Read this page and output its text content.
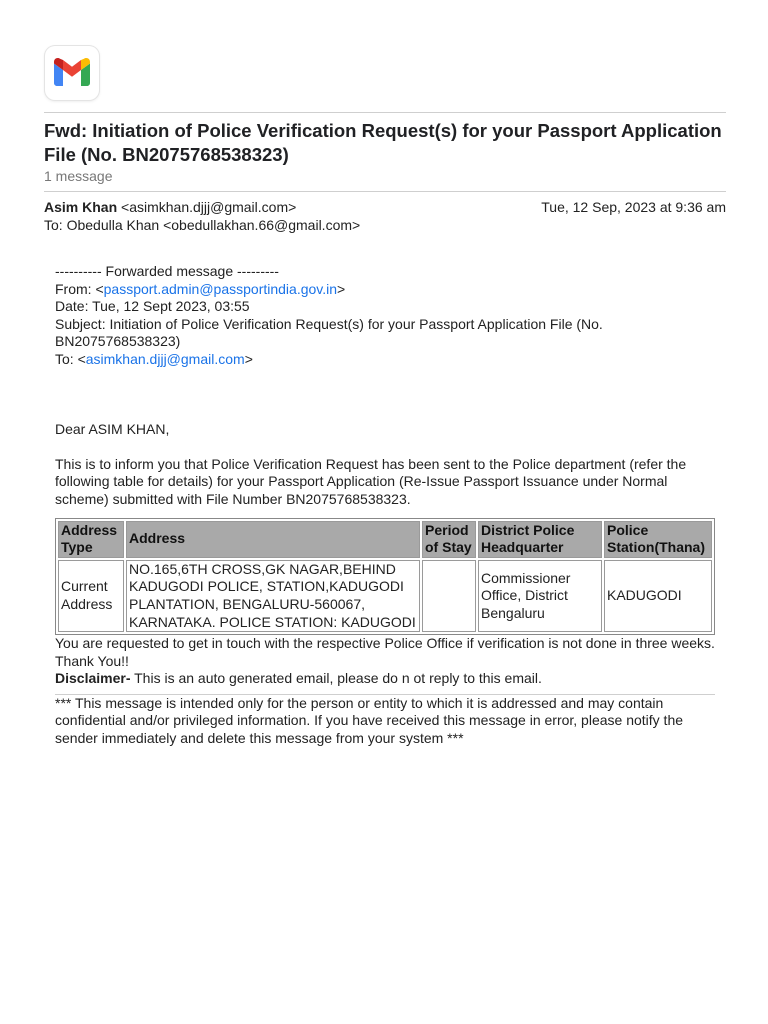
Fwd: Initiation of Police Verification Request(s) for your Passport Application File (No. BN2075768538323)
1 message
Asim Khan <asimkhan.djjj@gmail.com>	Tue, 12 Sep, 2023 at 9:36 am
To: Obedulla Khan <obedullakhan.66@gmail.com>

---------- Forwarded message ---------

From: <passport.admin@passportindia.gov.in>

Date: Tue, 12 Sept 2023, 03:55

Subject: Initiation of Police Verification Request(s) for your Passport Application File (No.

BN2075768538323)

To: <asimkhan.djjj@gmail.com>

Dear ASIM KHAN,

This is to inform you that Police Verification Request has been sent to the Police department (refer the following table for details) for your Passport Application (Re-Issue Passport Issuance under Normal scheme) submitted with File Number BN2075768538323.

Address Type	Address	Period of Stay	District Police Headquarter	Police Station(Thana)
Current Address	NO.165,6TH CROSS,GK NAGAR,BEHIND KADUGODI POLICE, STATION,KADUGODI PLANTATION, BENGALURU-560067, KARNATAKA. POLICE STATION: KADUGODI		Commissioner Office, District Bengaluru	KADUGODI

You are requested to get in touch with the respective Police Office if verification is not done in three weeks.

Thank You!!

Disclaimer- This is an auto generated email, please do n ot reply to this email.

*** This message is intended only for the person or entity to which it is addressed and may contain confidential and/or privileged information. If you have received this message in error, please notify the sender immediately and delete this message from your system ***
